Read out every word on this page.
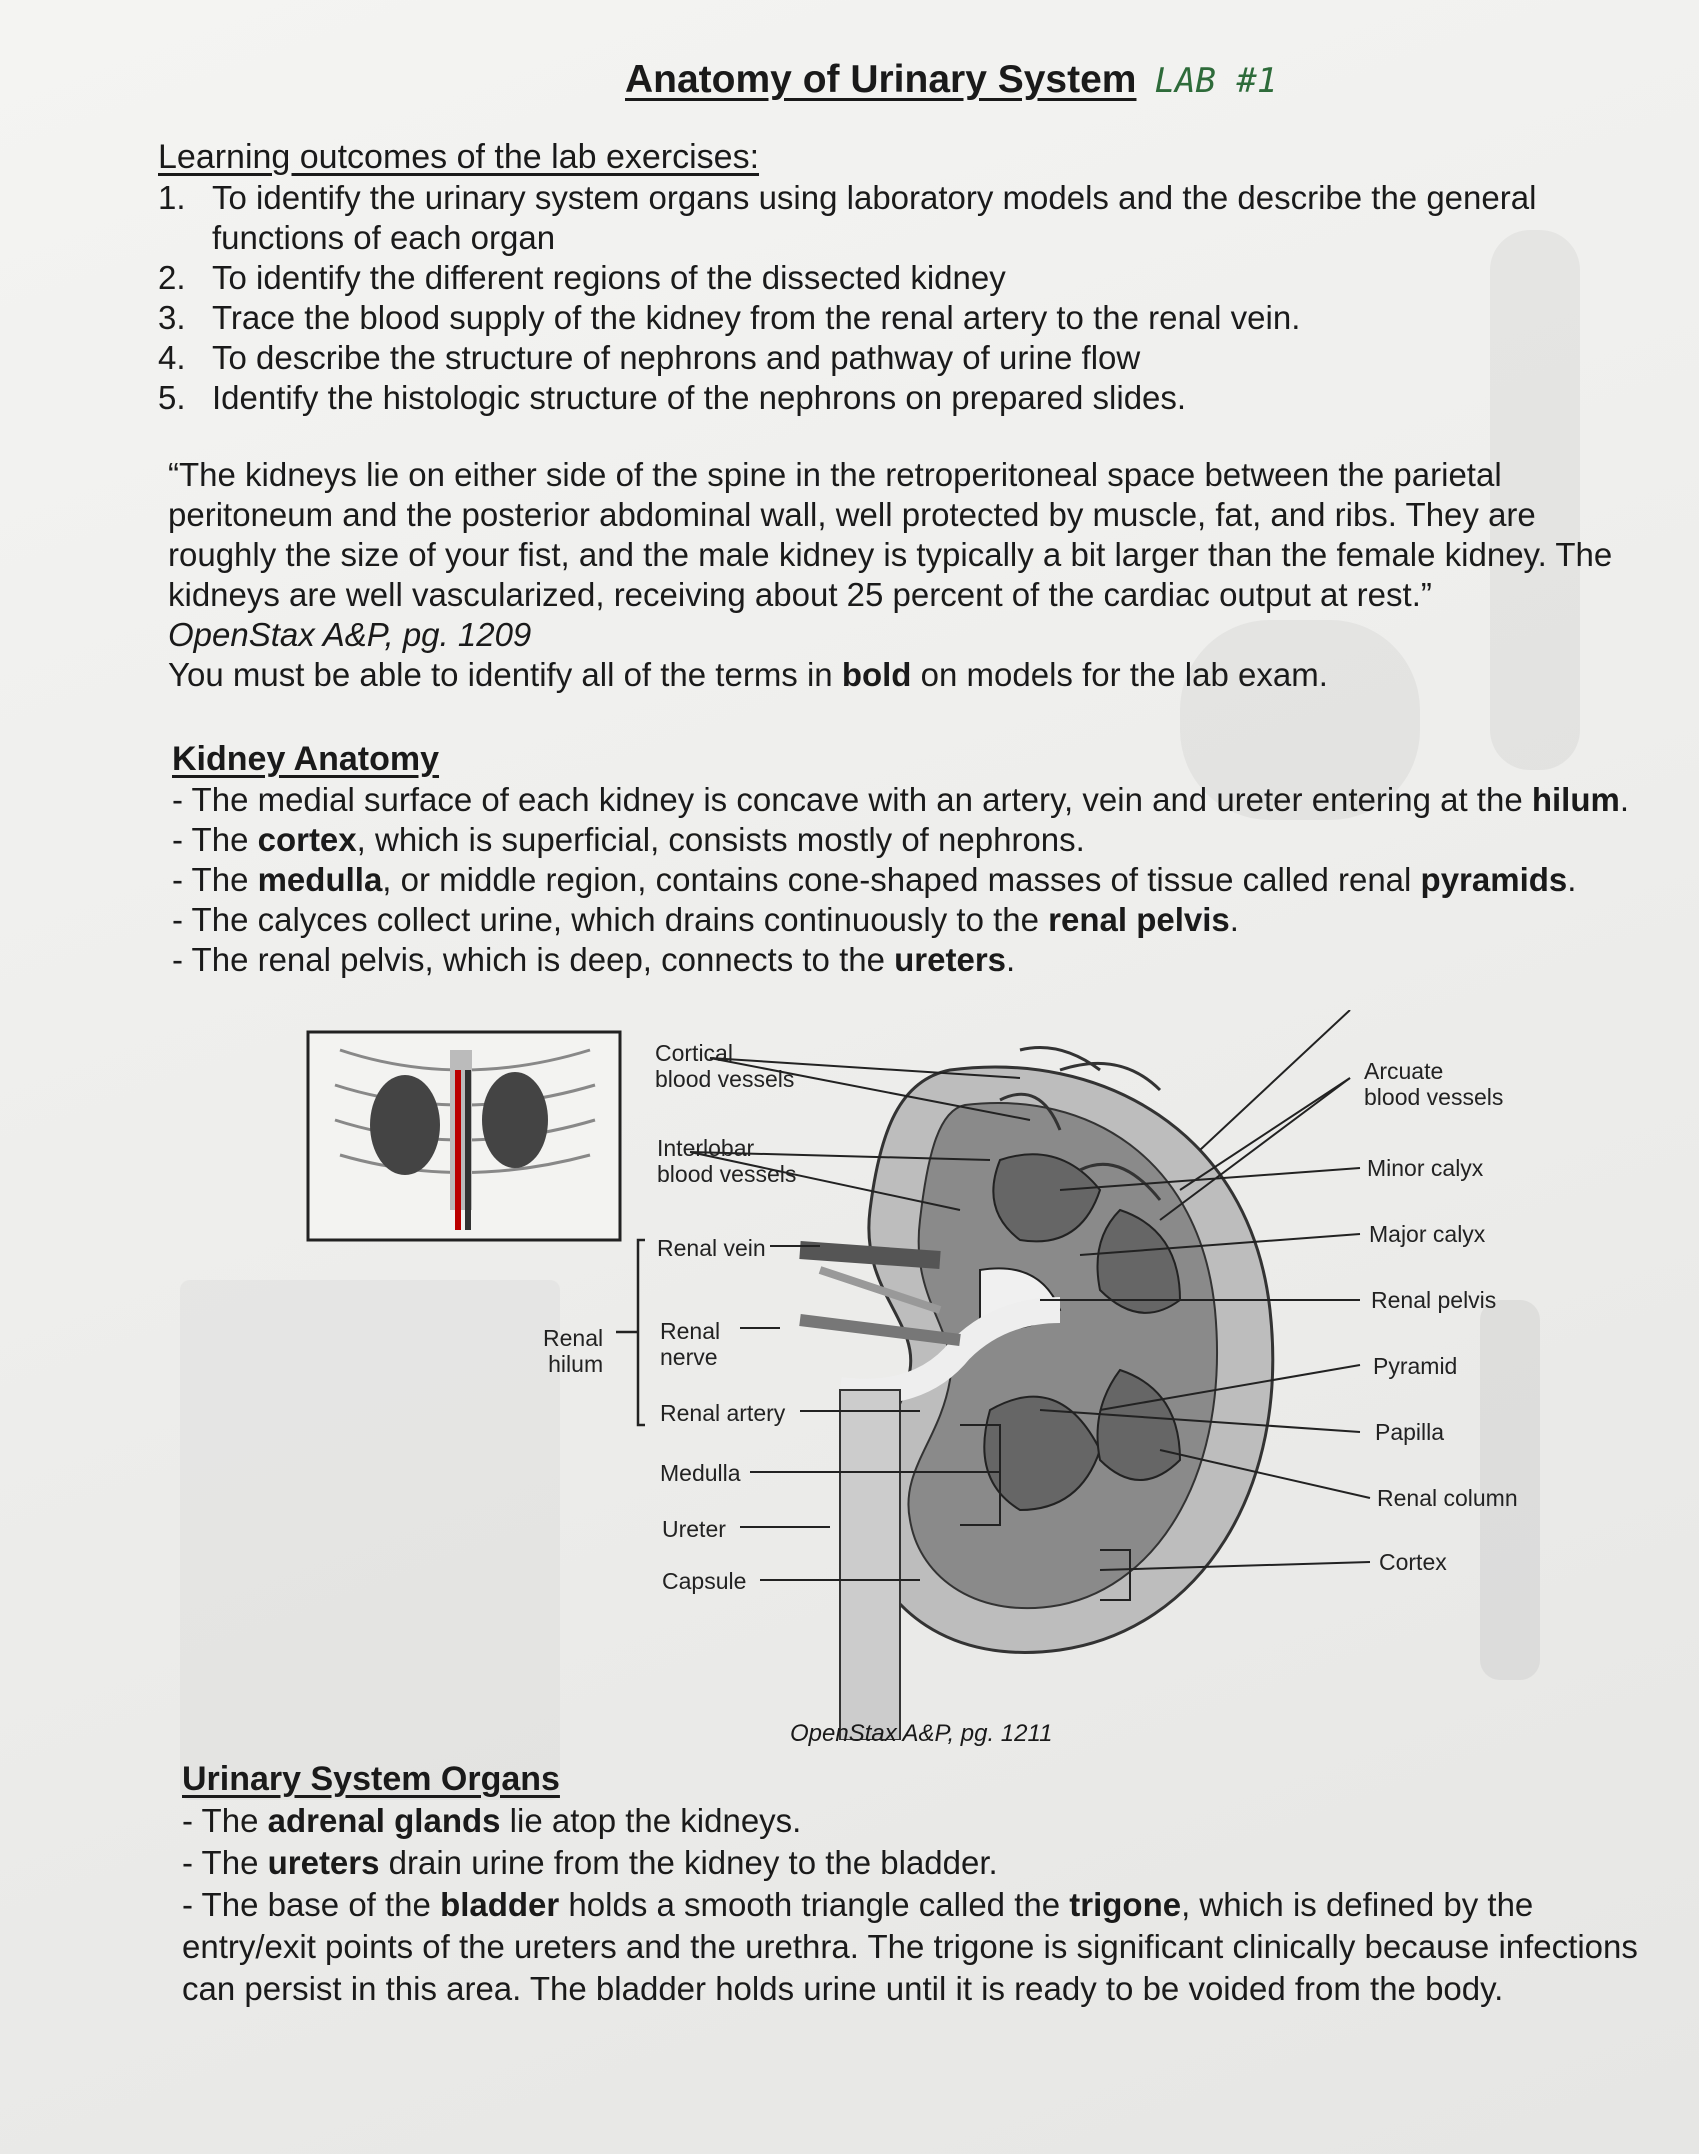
Anatomy of Urinary System LAB #1
Learning outcomes of the lab exercises:
1. To identify the urinary system organs using laboratory models and the describe the general functions of each organ
2. To identify the different regions of the dissected kidney
3. Trace the blood supply of the kidney from the renal artery to the renal vein.
4. To describe the structure of nephrons and pathway of urine flow
5. Identify the histologic structure of the nephrons on prepared slides.
“The kidneys lie on either side of the spine in the retroperitoneal space between the parietal peritoneum and the posterior abdominal wall, well protected by muscle, fat, and ribs. They are roughly the size of your fist, and the male kidney is typically a bit larger than the female kidney. The kidneys are well vascularized, receiving about 25 percent of the cardiac output at rest.”
OpenStax A&P, pg. 1209
You must be able to identify all of the terms in bold on models for the lab exam.
Kidney Anatomy

- The medial surface of each kidney is concave with an artery, vein and ureter entering at the hilum.

- The cortex, which is superficial, consists mostly of nephrons.

- The medulla, or middle region, contains cone-shaped masses of tissue called renal pyramids.

- The calyces collect urine, which drains continuously to the renal pelvis.

- The renal pelvis, which is deep, connects to the ureters.

Cortical
blood vessels
Interlobar
blood vessels
Renal vein
Renal
hilum
Renal
nerve
Renal artery
Medulla
Ureter
Capsule
Arcuate
blood vessels
Minor calyx
Major calyx
Renal pelvis
Pyramid
Papilla
Renal column
Cortex
OpenStax A&P, pg. 1211
Urinary System Organs

- The adrenal glands lie atop the kidneys.

- The ureters drain urine from the kidney to the bladder.

- The base of the bladder holds a smooth triangle called the trigone, which is defined by the entry/exit points of the ureters and the urethra. The trigone is significant clinically because infections can persist in this area. The bladder holds urine until it is ready to be voided from the body.
